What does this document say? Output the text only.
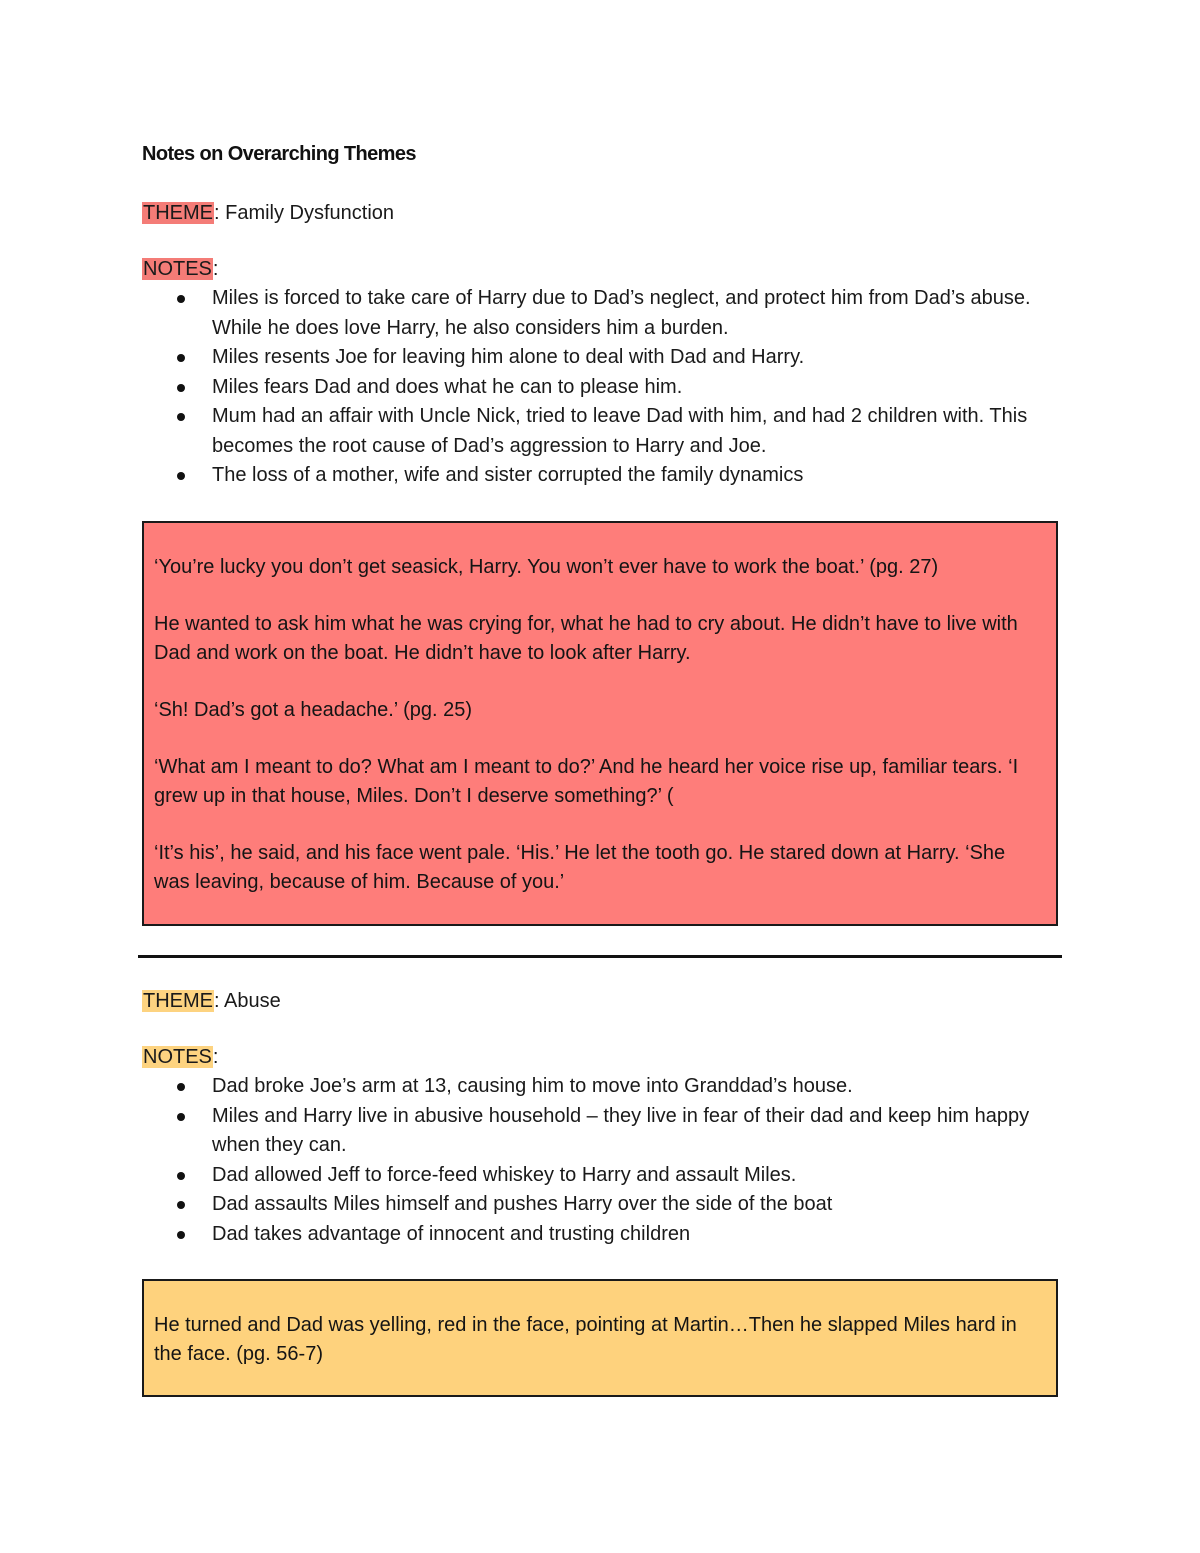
Notes on Overarching Themes

THEME: Family Dysfunction

NOTES:

Miles is forced to take care of Harry due to Dad’s neglect, and protect him from Dad’s abuse. While he does love Harry, he also considers him a burden.
Miles resents Joe for leaving him alone to deal with Dad and Harry.
Miles fears Dad and does what he can to please him.
Mum had an affair with Uncle Nick, tried to leave Dad with him, and had 2 children with. This becomes the root cause of Dad’s aggression to Harry and Joe.
The loss of a mother, wife and sister corrupted the family dynamics

‘You’re lucky you don’t get seasick, Harry. You won’t ever have to work the boat.’ (pg. 27)

He wanted to ask him what he was crying for, what he had to cry about. He didn’t have to live with Dad and work on the boat. He didn’t have to look after Harry.

‘Sh! Dad’s got a headache.’ (pg. 25)

‘What am I meant to do? What am I meant to do?’ And he heard her voice rise up, familiar tears. ‘I grew up in that house, Miles. Don’t I deserve something?’ (

‘It’s his’, he said, and his face went pale. ‘His.’ He let the tooth go. He stared down at Harry. ‘She was leaving, because of him. Because of you.’

THEME: Abuse

NOTES:

Dad broke Joe’s arm at 13, causing him to move into Granddad’s house.
Miles and Harry live in abusive household – they live in fear of their dad and keep him happy when they can.
Dad allowed Jeff to force-feed whiskey to Harry and assault Miles.
Dad assaults Miles himself and pushes Harry over the side of the boat
Dad takes advantage of innocent and trusting children

He turned and Dad was yelling, red in the face, pointing at Martin…Then he slapped Miles hard in the face. (pg. 56-7)
